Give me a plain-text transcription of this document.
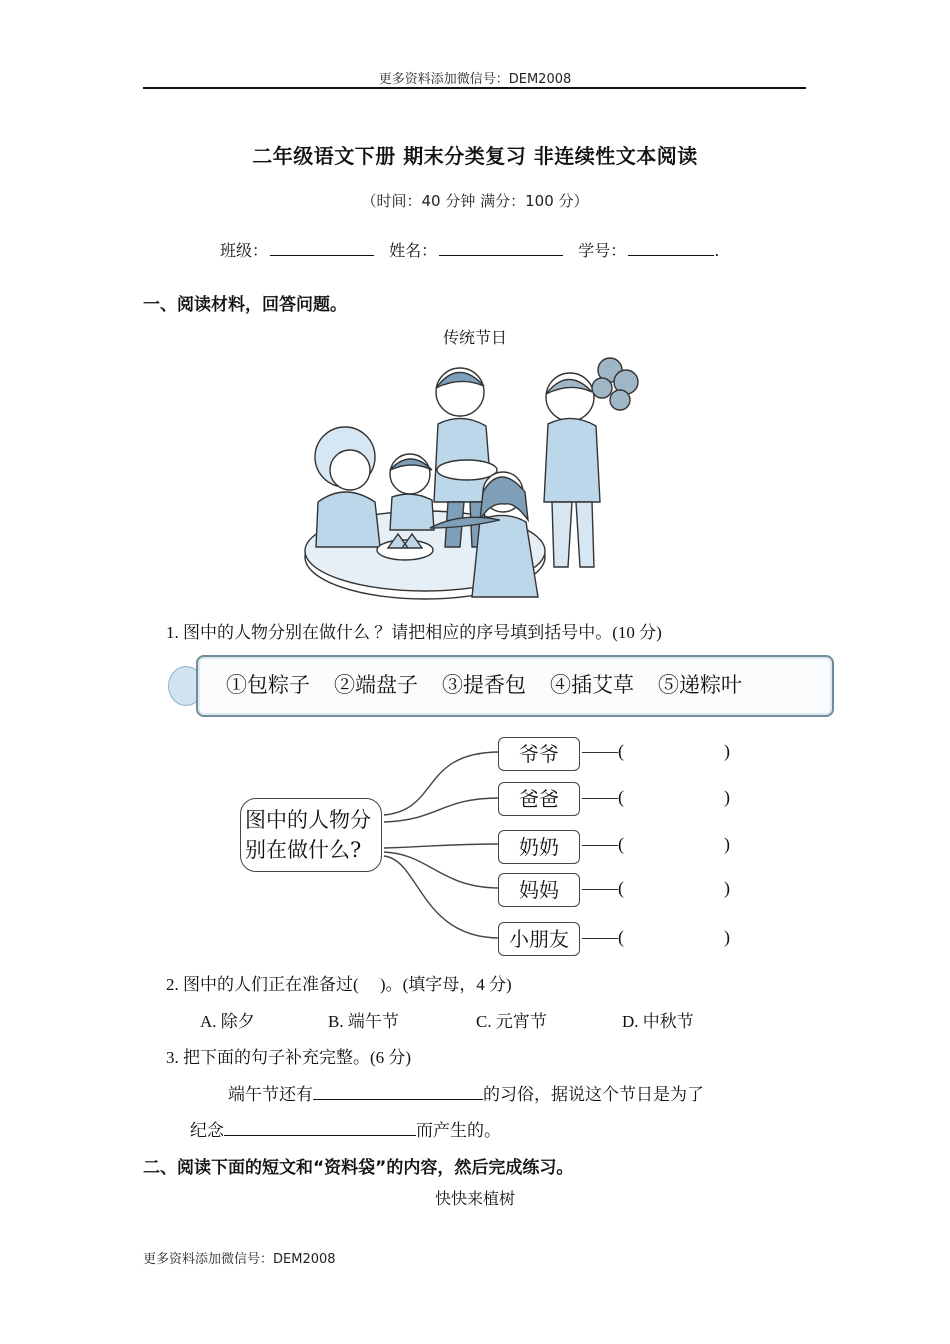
更多资料添加微信号：DEM2008
二年级语文下册 期末分类复习 非连续性文本阅读
（时间：40 分钟 满分：100 分）
班级：	姓名：	学号：	.
一、阅读材料，回答问题。
传统节日
1. 图中的人物分别在做什么 ？请把相应的序号填到括号中。(10 分)
①包粽子 ②端盘子 ③提香包 ④插艾草 ⑤递粽叶
图中的人物分
别在做什么?
爷爷
爸爸
奶奶
妈妈
小朋友
——(	)
——(	)
——(	)
——(	)
——(	)
2. 图中的人们正在准备过(　 )。(填字母，4 分)
A. 除夕	B. 端午节	C. 元宵节	D. 中秋节
3. 把下面的句子补充完整。(6 分)
端午节还有	的习俗，据说这个节日是为了
纪念	而产生的。
二、阅读下面的短文和“资料袋”的内容，然后完成练习。
快快来植树
更多资料添加微信号：DEM2008
